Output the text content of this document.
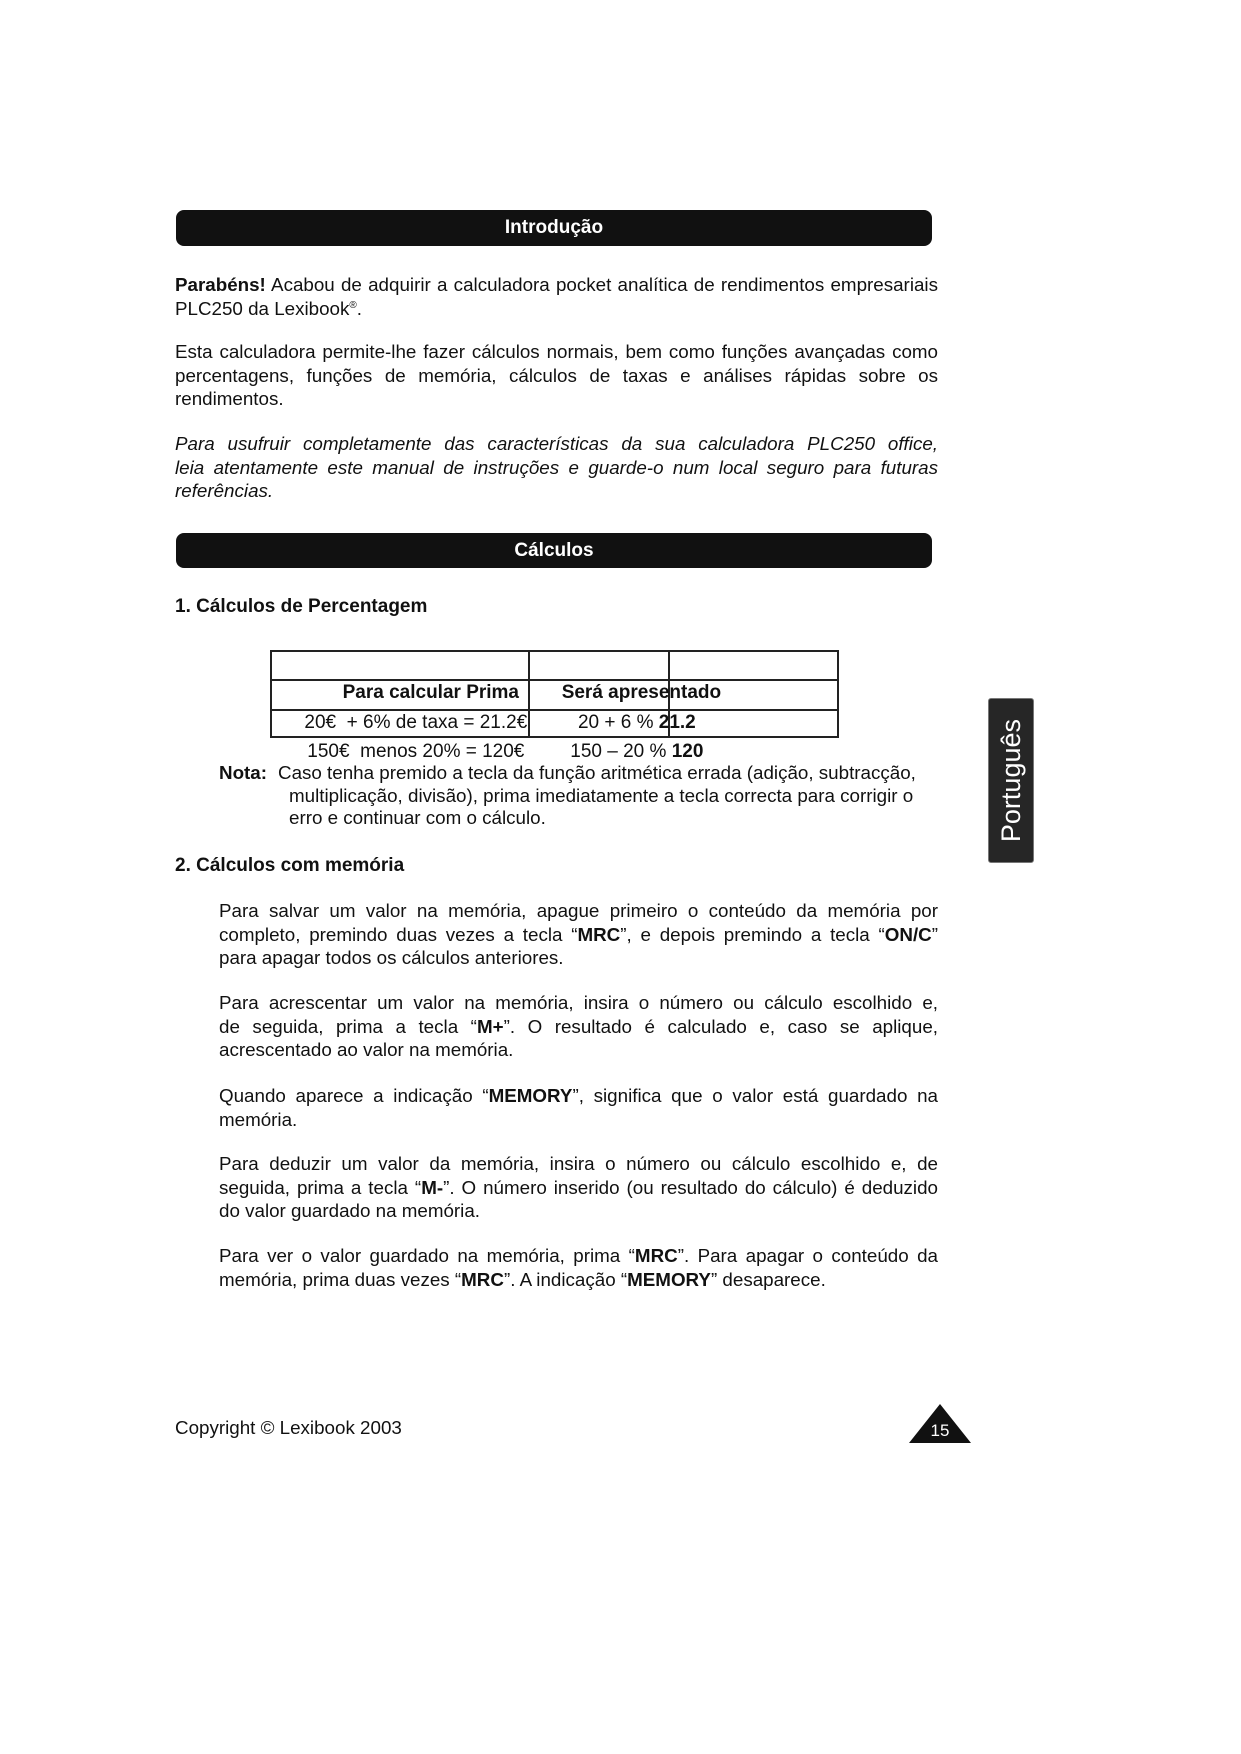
Introdução
Parabéns! Acabou de adquirir a calculadora pocket analítica de rendimentos empresariais
PLC250 da Lexibook®.
Esta calculadora permite-lhe fazer cálculos normais, bem como funções avançadas como
percentagens, funções de memória, cálculos de taxas e análises rápidas sobre os
rendimentos.
Para usufruir completamente das características da sua calculadora PLC250 office,
leia atentamente este manual de instruções e guarde-o num local seguro para futuras
referências.
Cálculos
1. Cálculos de Percentagem

Para calcular Prima
	Será apresentado

20€  + 6% de taxa = 21.2€
	20 + 6 % 21.2

150€  menos 20% = 120€
	150 – 20 % 120

Nota: Caso tenha premido a tecla da função aritmética errada (adição, subtracção,
multiplicação, divisão), prima imediatamente a tecla correcta para corrigir o
erro e continuar com o cálculo.
2. Cálculos com memória
Para salvar um valor na memória, apague primeiro o conteúdo da memória por
completo, premindo duas vezes a tecla “MRC”, e depois premindo a tecla “ON/C”
para apagar todos os cálculos anteriores.
Para acrescentar um valor na memória, insira o número ou cálculo escolhido e,
de seguida, prima a tecla “M+”. O resultado é calculado e, caso se aplique,
acrescentado ao valor na memória.
Quando aparece a indicação “MEMORY”, significa que o valor está guardado na
memória.
Para deduzir um valor da memória, insira o número ou cálculo escolhido e, de
seguida, prima a tecla “M-”. O número inserido (ou resultado do cálculo) é deduzido
do valor guardado na memória.
Para ver o valor guardado na memória, prima “MRC”. Para apagar o conteúdo da
memória, prima duas vezes “MRC”. A indicação “MEMORY” desaparece.
Português
Copyright © Lexibook 2003	15
